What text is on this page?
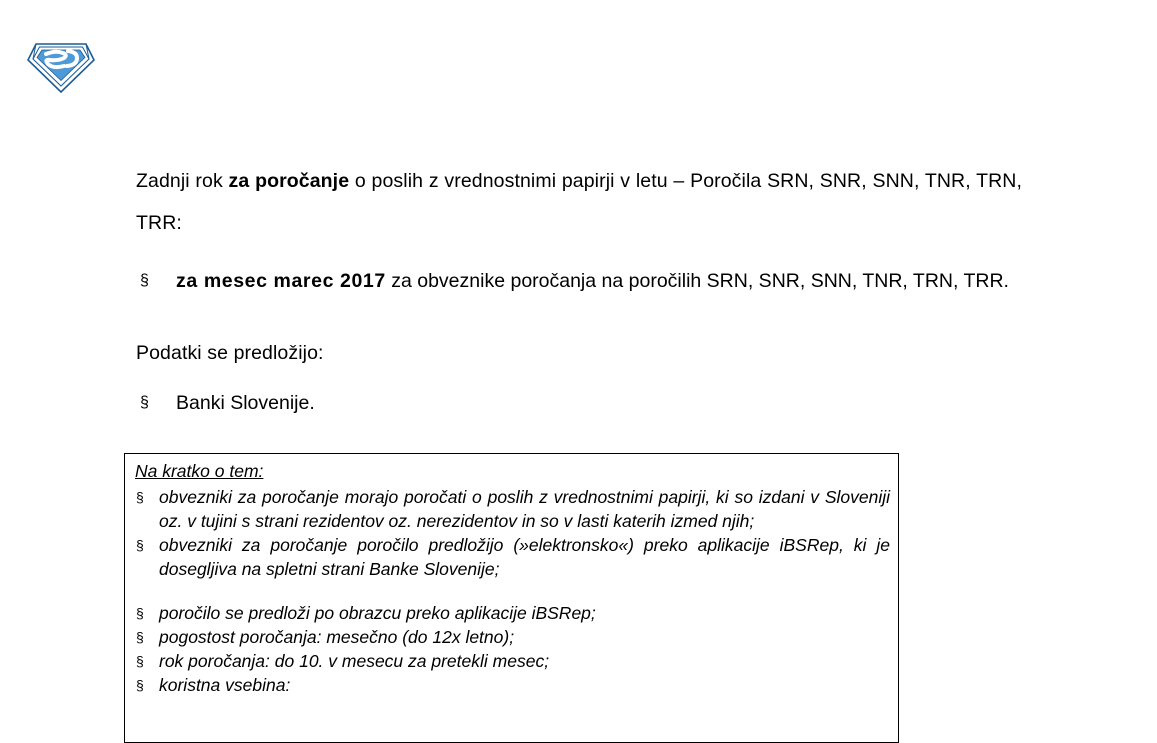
Zadnji rok za poročanje o poslih z vrednostnimi papirji v letu – Poročila SRN, SNR, SNN, TNR, TRN, TRR:

§	za mesec marec 2017 za obveznike poročanja na poročilih SRN, SNR, SNN, TNR, TRN, TRR.

Podatki se predložijo:

§	Banki Slovenije.
Na kratko o tem:
§ obvezniki za poročanje morajo poročati o poslih z vrednostnimi papirji, ki so izdani v Sloveniji oz. v tujini s strani rezidentov oz. nerezidentov in so v lasti katerih izmed njih;
§ obvezniki za poročanje poročilo predložijo (»elektronsko«) preko aplikacije iBSRep, ki je dosegljiva na spletni strani Banke Slovenije;
§ poročilo se predloži po obrazcu preko aplikacije iBSRep;
§ pogostost poročanja: mesečno (do 12x letno);
§ rok poročanja: do 10. v mesecu za pretekli mesec;
§ koristna vsebina:
